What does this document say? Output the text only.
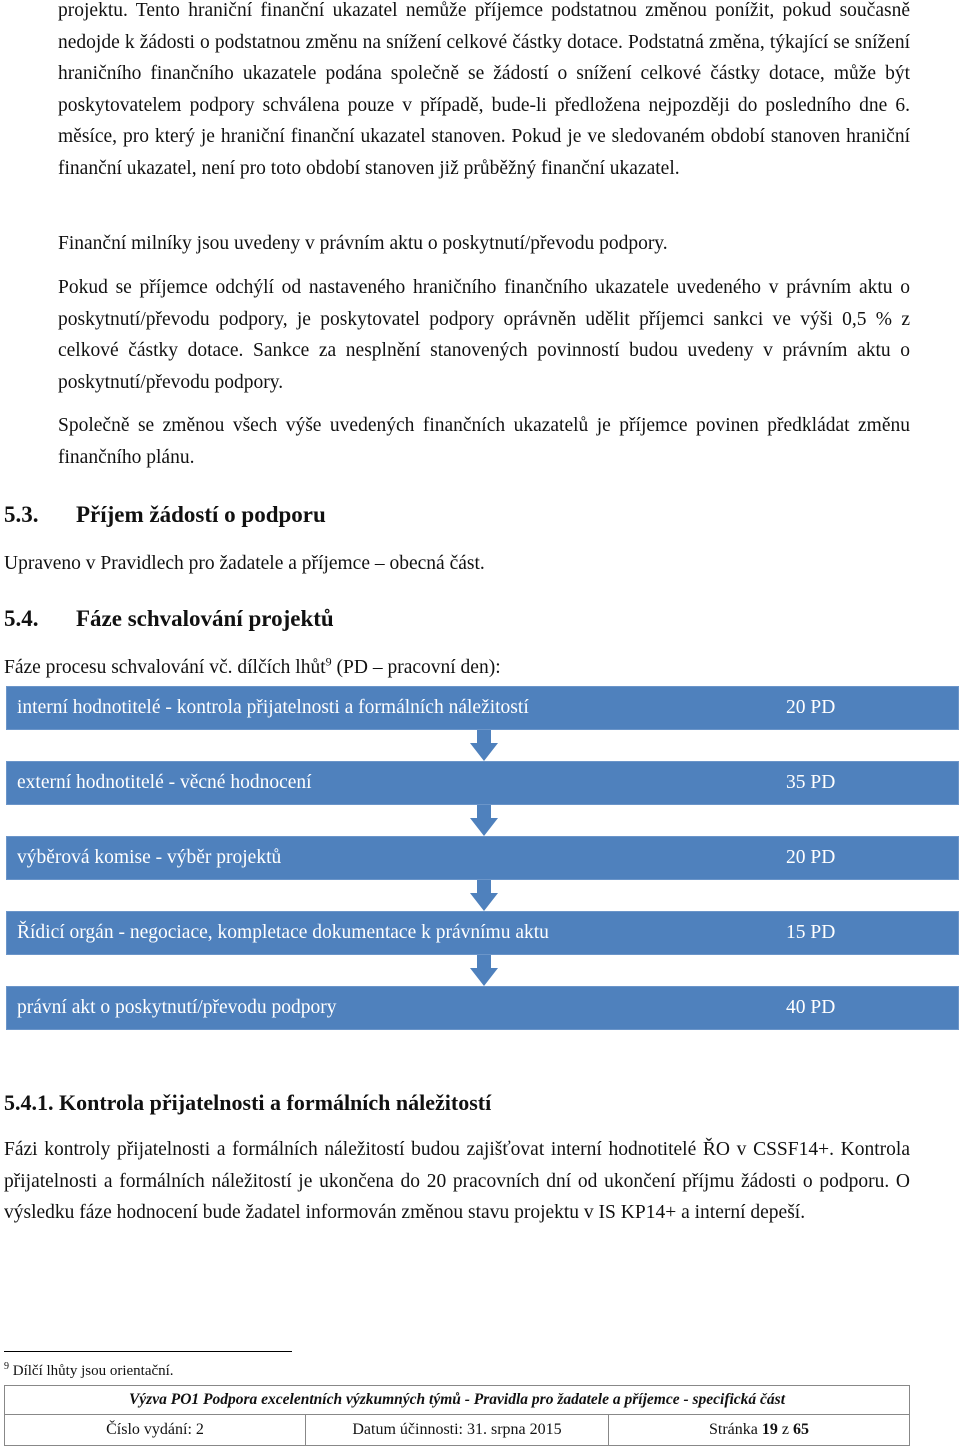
projektu. Tento hraniční finanční ukazatel nemůže příjemce podstatnou změnou ponížit, pokud současně nedojde k žádosti o podstatnou změnu na snížení celkové částky dotace. Podstatná změna, týkající se snížení hraničního finančního ukazatele podána společně se žádostí o snížení celkové částky dotace, může být poskytovatelem podpory schválena pouze v případě, bude-li předložena nejpozději do posledního dne 6. měsíce, pro který je hraniční finanční ukazatel stanoven. Pokud je ve sledovaném období stanoven hraniční finanční ukazatel, není pro toto období stanoven již průběžný finanční ukazatel.

Finanční milníky jsou uvedeny v právním aktu o poskytnutí/převodu podpory.

Pokud se příjemce odchýlí od nastaveného hraničního finančního ukazatele uvedeného v právním aktu o poskytnutí/převodu podpory, je poskytovatel podpory oprávněn udělit příjemci sankci ve výši 0,5 % z celkové částky dotace. Sankce za nesplnění stanovených povinností budou uvedeny v právním aktu o poskytnutí/převodu podpory.

Společně se změnou všech výše uvedených finančních ukazatelů je příjemce povinen předkládat změnu finančního plánu.

5.3. Příjem žádostí o podporu

Upraveno v Pravidlech pro žadatele a příjemce – obecná část.

5.4. Fáze schvalování projektů

Fáze procesu schvalování vč. dílčích lhůt$^9$ (PD – pracovní den):

interní hodnotitelé - kontrola přijatelnosti a formálních náležitostí	20 PD
externí hodnotitelé - věcné hodnocení	35 PD
výběrová komise - výběr projektů	20 PD
Řídicí orgán - negociace, kompletace dokumentace k právnímu aktu	15 PD
právní akt o poskytnutí/převodu podpory	40 PD
5.4.1. Kontrola přijatelnosti a formálních náležitostí

Fázi kontroly přijatelnosti a formálních náležitostí budou zajišťovat interní hodnotitelé ŘO v CSSF14+. Kontrola přijatelnosti a formálních náležitostí je ukončena do 20 pracovních dní od ukončení příjmu žádosti o podporu. O výsledku fáze hodnocení bude žadatel informován změnou stavu projektu v IS KP14+ a interní depeší.

$^9$ Dílčí lhůty jsou orientační.
Výzva PO1 Podpora excelentních výzkumných týmů - Pravidla pro žadatele a příjemce - specifická část
Číslo vydání: 2	Datum účinnosti: 31. srpna 2015	Stránka 19 z 65
